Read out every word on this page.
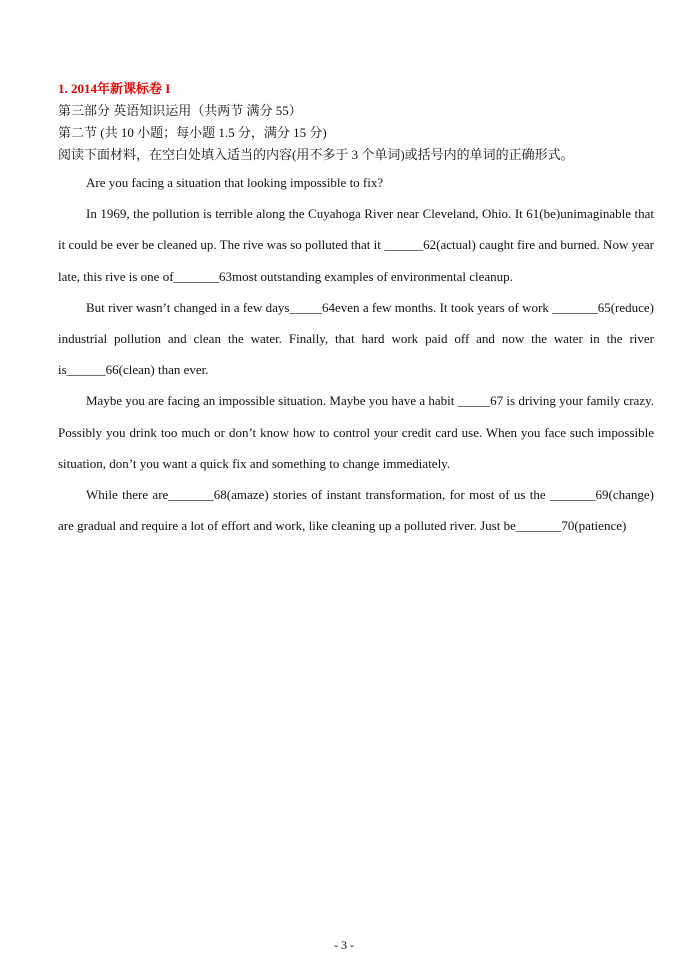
1. 2014年新课标卷 I
第三部分 英语知识运用（共两节 满分 55）
第二节 (共 10 小题；每小题 1.5 分，满分 15 分)
阅读下面材料，在空白处填入适当的内容(用不多于 3 个单词)或括号内的单词的正确形式。

Are you facing a situation that looking impossible to fix?

In 1969, the pollution is terrible along the Cuyahoga River near Cleveland, Ohio. It 61(be)unimaginable that it could be ever be cleaned up. The rive was so polluted that it ______62(actual) caught fire and burned. Now year late, this rive is one of_______63most outstanding examples of environmental cleanup.

But river wasn’t changed in a few days_____64even a few months. It took years of work _______65(reduce) industrial pollution and clean the water. Finally, that hard work paid off and now the water in the river is______66(clean) than ever.

Maybe you are facing an impossible situation. Maybe you have a habit _____67 is driving your family crazy. Possibly you drink too much or don’t know how to control your credit card use. When you face such impossible situation, don’t you want a quick fix and something to change immediately.

While there are_______68(amaze) stories of instant transformation, for most of us the _______69(change) are gradual and require a lot of effort and work, like cleaning up a polluted river. Just be_______70(patience)

- 3 -
